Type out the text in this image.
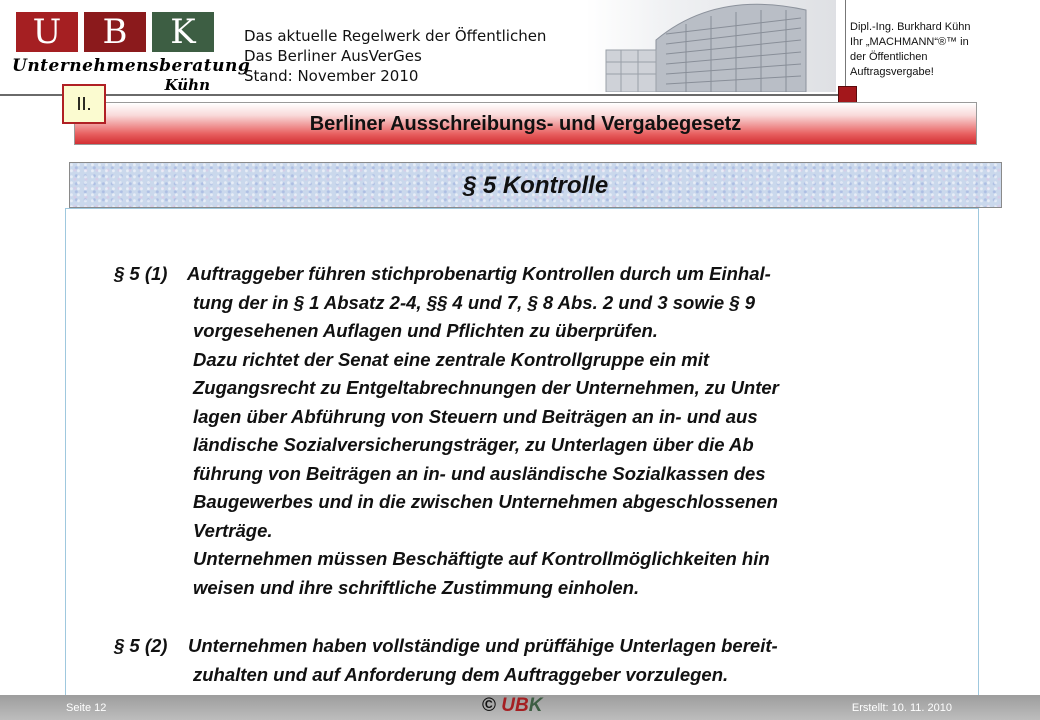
U	B	K
Unternehmensberatung
Kühn
Das aktuelle Regelwerk der Öffentlichen
Das Berliner AusVerGes
Stand: November 2010
Dipl.-Ing. Burkhard Kühn
Ihr „MACHMANN“®™ in
der Öffentlichen
Auftragsvergabe!
Berliner Ausschreibungs- und Vergabegesetz
II.
§ 5 Kontrolle
§ 5 (1) Auftraggeber führen stichprobenartig Kontrollen durch um Einhal-
tung der in § 1 Absatz 2-4, §§ 4 und 7, § 8 Abs. 2 und 3 sowie § 9
vorgesehenen Auflagen und Pflichten zu überprüfen.
Dazu richtet der Senat eine zentrale Kontrollgruppe ein mit
Zugangsrecht zu Entgeltabrechnungen der Unternehmen, zu Unter
lagen über Abführung von Steuern und Beiträgen an in- und aus
ländische Sozialversicherungsträger, zu Unterlagen über die Ab
führung von Beiträgen an in- und ausländische Sozialkassen des
Baugewerbes und in die zwischen Unternehmen abgeschlossenen
Verträge.
Unternehmen müssen Beschäftigte auf Kontrollmöglichkeiten hin
weisen und ihre schriftliche Zustimmung einholen.
§ 5 (2) Unternehmen haben vollständige und prüffähige Unterlagen bereit-
zuhalten und auf Anforderung dem Auftraggeber vorzulegen.
Seite 12	© UBK	Erstellt: 10. 11. 2010
